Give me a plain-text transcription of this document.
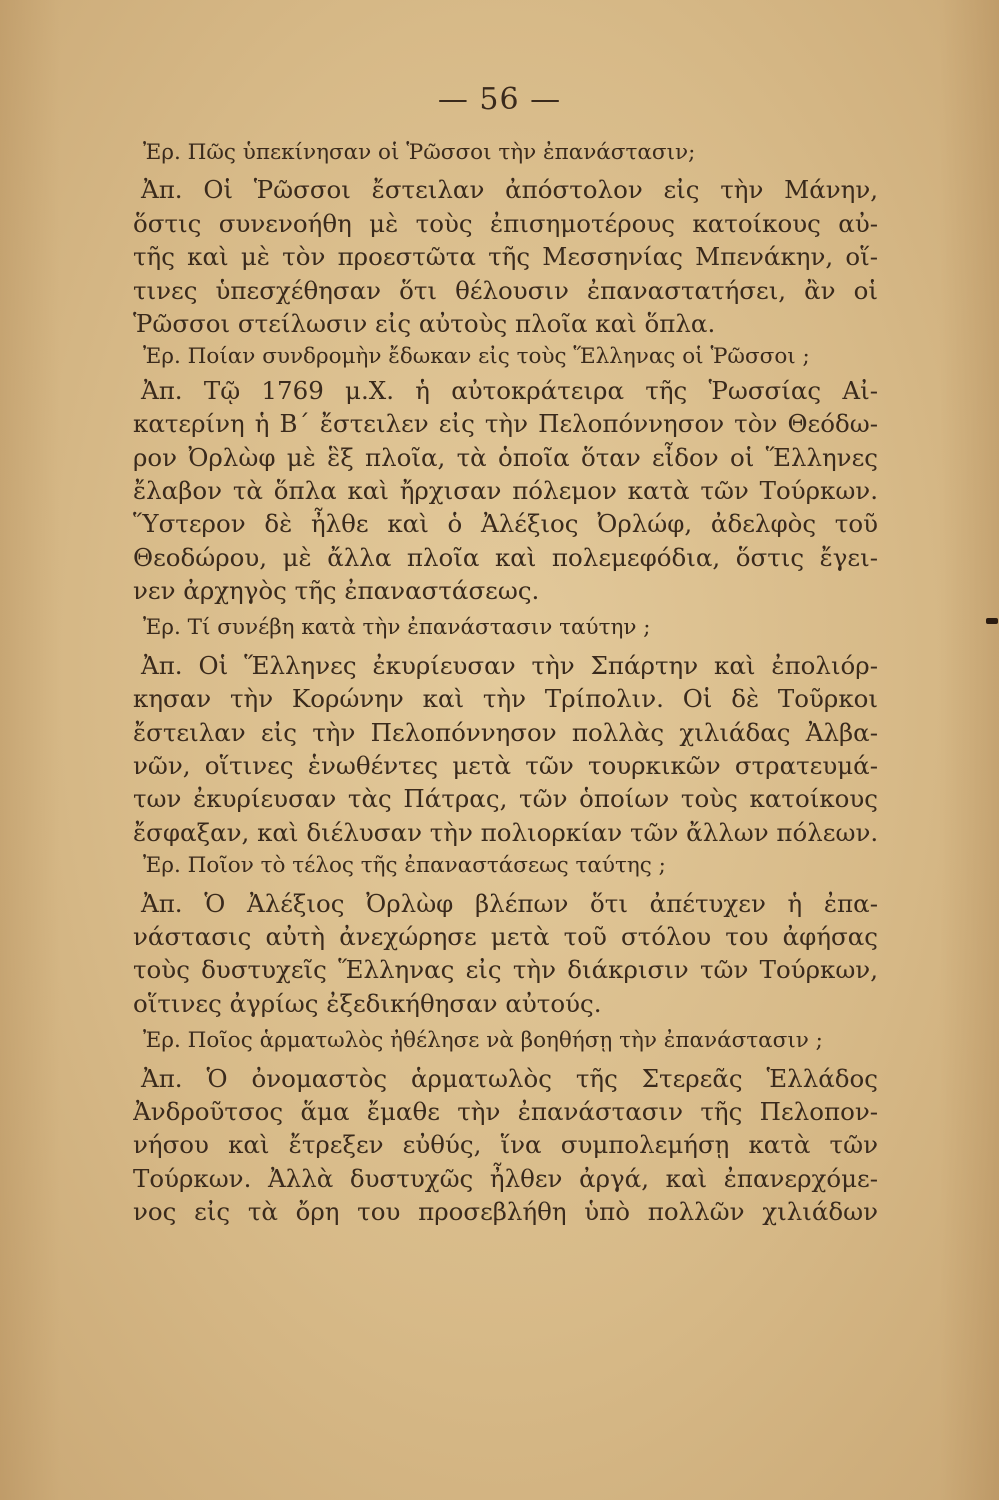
— 56 —
Ἐρ. Πῶς ὑπεκίνησαν οἱ Ῥῶσσοι τὴν ἐπανάστασιν;
Ἀπ. Οἱ Ῥῶσσοι ἔστειλαν ἀπόστολον εἰς τὴν Μάνην,
ὅστις συνενοήθη μὲ τοὺς ἐπισημοτέρους κατοίκους αὐ-
τῆς καὶ μὲ τὸν προεστῶτα τῆς Μεσσηνίας Μπενάκην, οἵ-
τινες ὑπεσχέθησαν ὅτι θέλουσιν ἐπαναστατήσει, ἂν οἱ
Ῥῶσσοι στείλωσιν εἰς αὐτοὺς πλοῖα καὶ ὅπλα.
Ἐρ. Ποίαν συνδρομὴν ἔδωκαν εἰς τοὺς Ἕλληνας οἱ Ῥῶσσοι ;
Ἀπ. Τῷ 1769 μ.Χ. ἡ αὐτοκράτειρα τῆς Ῥωσσίας Αἰ-
κατερίνη ἡ Β΄ ἔστειλεν εἰς τὴν Πελοπόννησον τὸν Θεόδω-
ρον Ὀρλὼφ μὲ ἓξ πλοῖα, τὰ ὁποῖα ὅταν εἶδον οἱ Ἕλληνες
ἔλαβον τὰ ὅπλα καὶ ἤρχισαν πόλεμον κατὰ τῶν Τούρκων.
Ὕστερον δὲ ἦλθε καὶ ὁ Ἀλέξιος Ὀρλώφ, ἀδελφὸς τοῦ
Θεοδώρου, μὲ ἄλλα πλοῖα καὶ πολεμεφόδια, ὅστις ἔγει-
νεν ἀρχηγὸς τῆς ἐπαναστάσεως.
Ἐρ. Τί συνέβη κατὰ τὴν ἐπανάστασιν ταύτην ;
Ἀπ. Οἱ Ἕλληνες ἐκυρίευσαν τὴν Σπάρτην καὶ ἐπολιόρ-
κησαν τὴν Κορώνην καὶ τὴν Τρίπολιν. Οἱ δὲ Τοῦρκοι
ἔστειλαν εἰς τὴν Πελοπόννησον πολλὰς χιλιάδας Ἀλβα-
νῶν, οἵτινες ἑνωθέντες μετὰ τῶν τουρκικῶν στρατευμά-
των ἐκυρίευσαν τὰς Πάτρας, τῶν ὁποίων τοὺς κατοίκους
ἔσφαξαν, καὶ διέλυσαν τὴν πολιορκίαν τῶν ἄλλων πόλεων.
Ἐρ. Ποῖον τὸ τέλος τῆς ἐπαναστάσεως ταύτης ;
Ἀπ. Ὁ Ἀλέξιος Ὀρλὼφ βλέπων ὅτι ἀπέτυχεν ἡ ἐπα-
νάστασις αὐτὴ ἀνεχώρησε μετὰ τοῦ στόλου του ἀφήσας
τοὺς δυστυχεῖς Ἕλληνας εἰς τὴν διάκρισιν τῶν Τούρκων,
οἵτινες ἀγρίως ἐξεδικήθησαν αὐτούς.
Ἐρ. Ποῖος ἁρματωλὸς ἠθέλησε νὰ βοηθήσῃ τὴν ἐπανάστασιν ;
Ἀπ. Ὁ ὀνομαστὸς ἁρματωλὸς τῆς Στερεᾶς Ἑλλάδος
Ἀνδροῦτσος ἅμα ἔμαθε τὴν ἐπανάστασιν τῆς Πελοπον-
νήσου καὶ ἔτρεξεν εὐθύς, ἵνα συμπολεμήσῃ κατὰ τῶν
Τούρκων. Ἀλλὰ δυστυχῶς ἦλθεν ἀργά, καὶ ἐπανερχόμε-
νος εἰς τὰ ὄρη του προσεβλήθη ὑπὸ πολλῶν χιλιάδων
